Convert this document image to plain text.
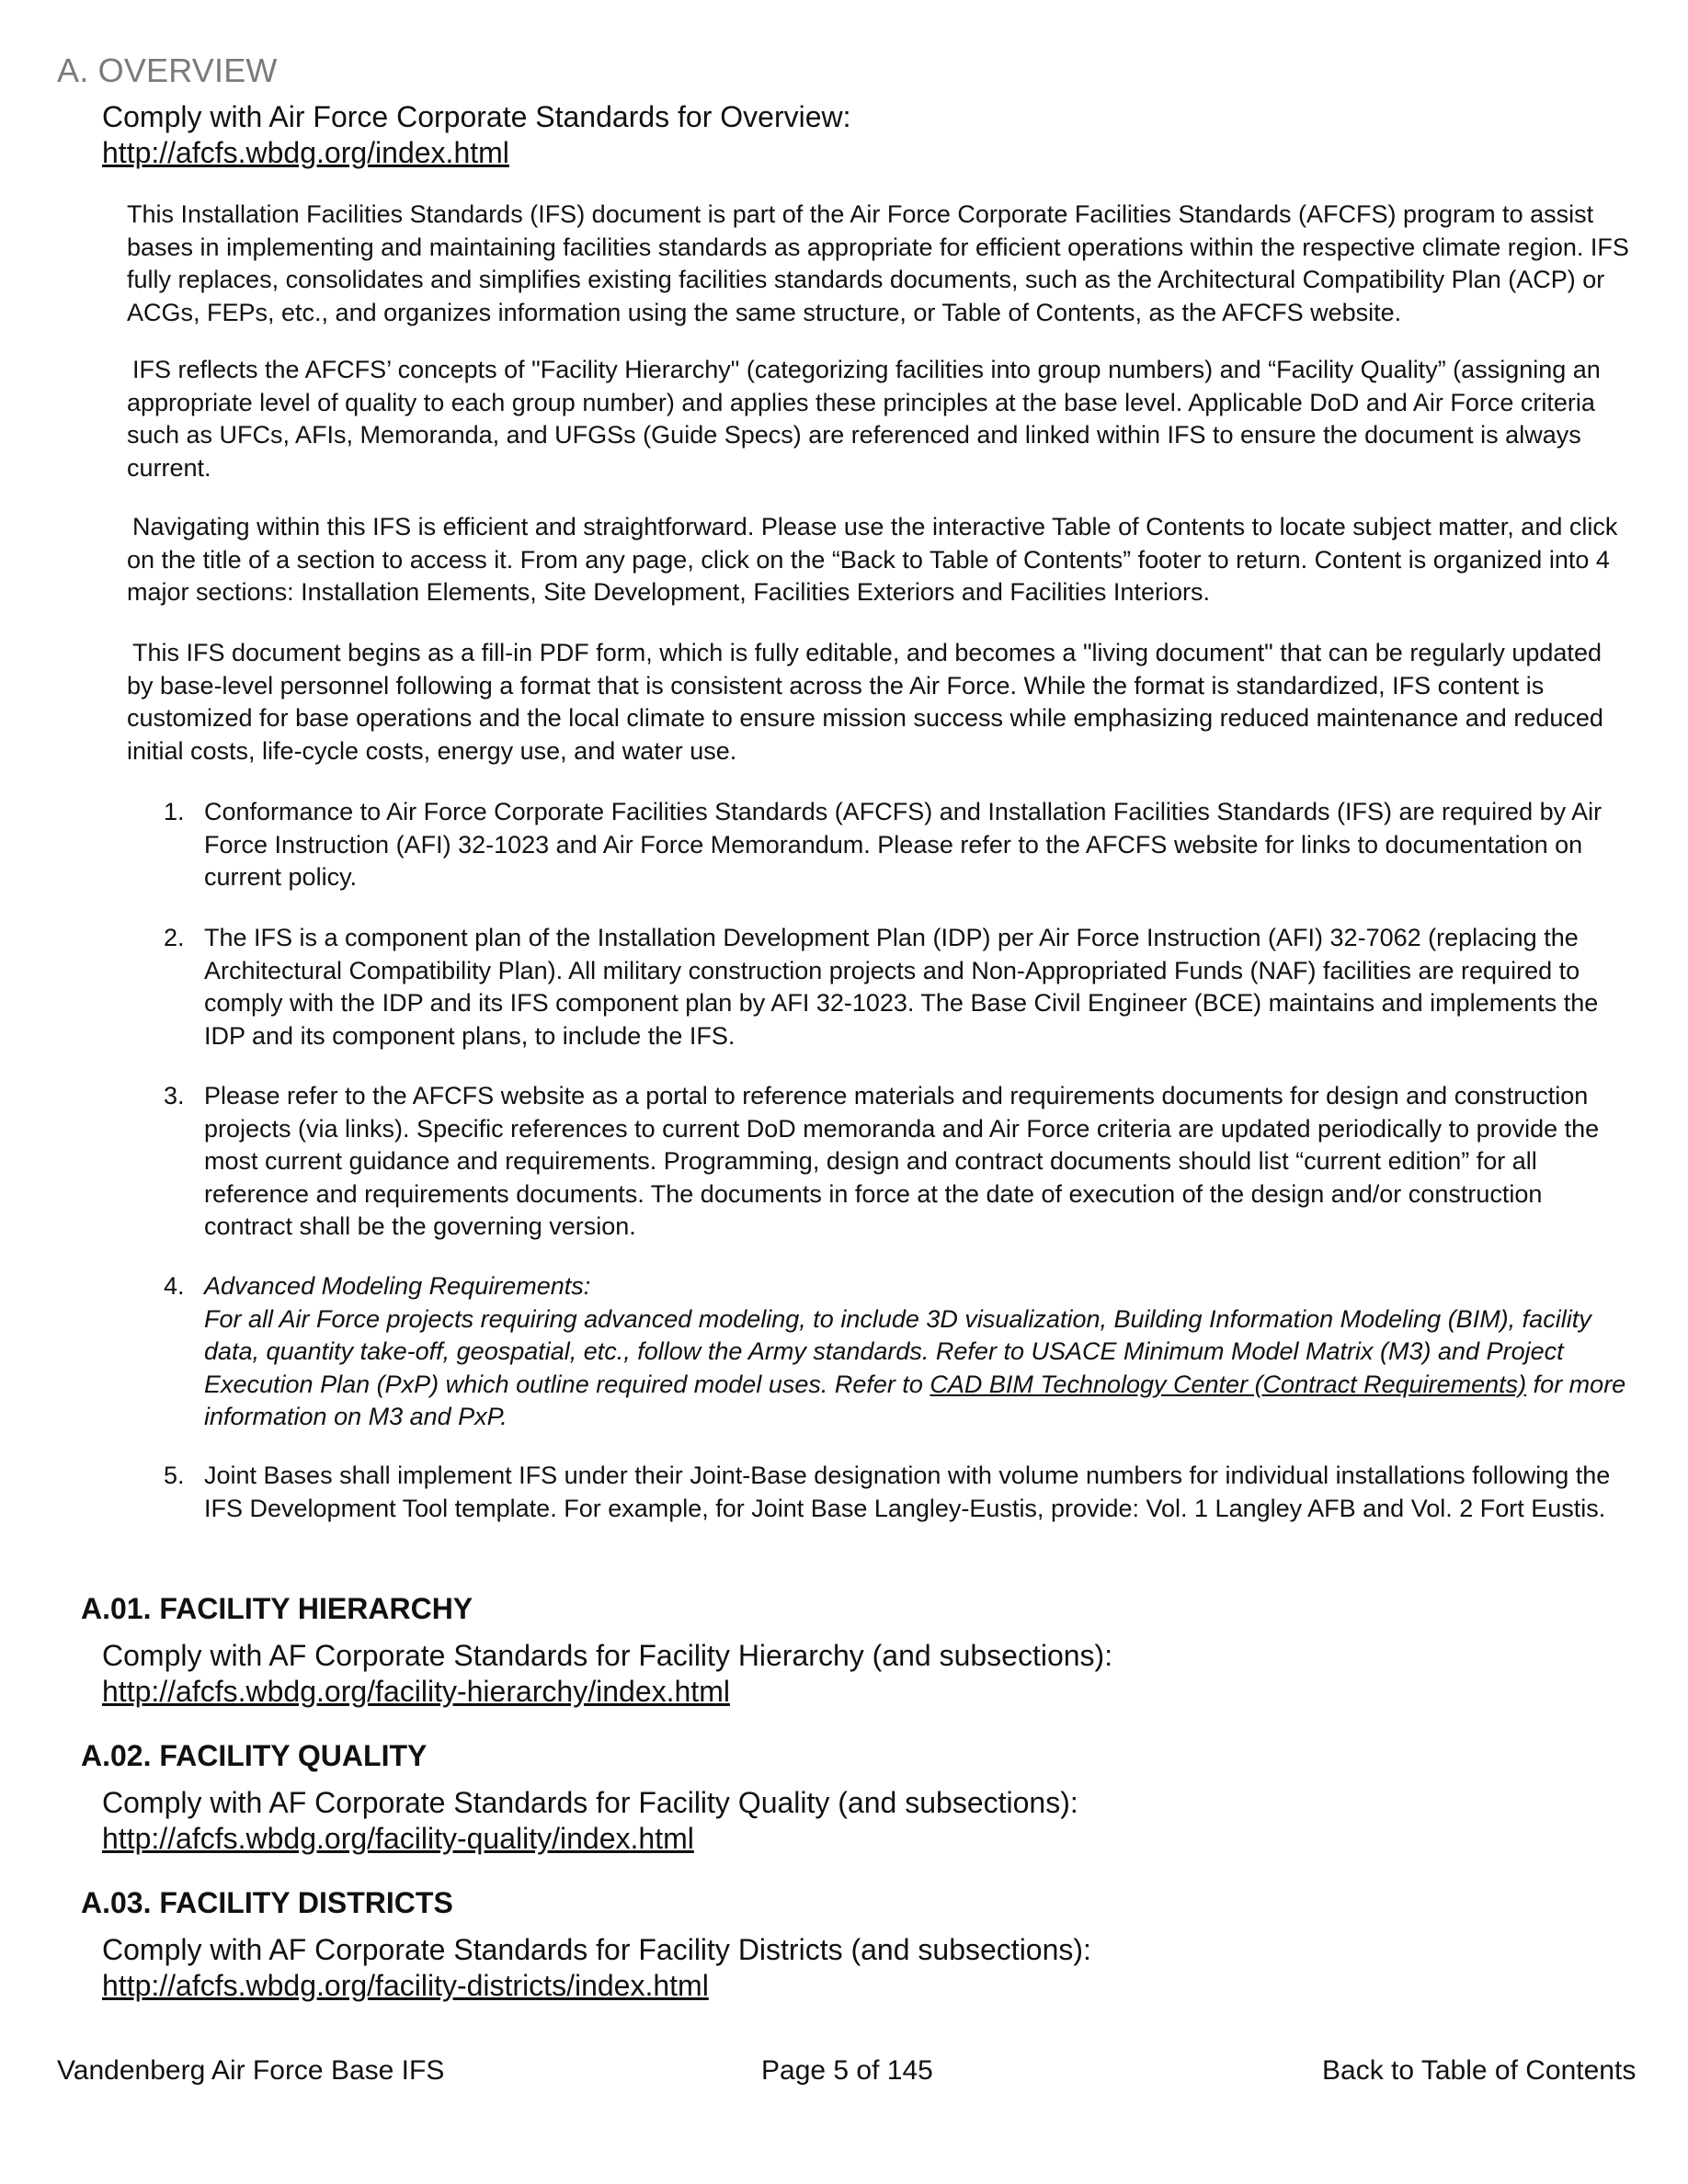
A. OVERVIEW
Comply with Air Force Corporate Standards for Overview:
http://afcfs.wbdg.org/index.html
This Installation Facilities Standards (IFS) document is part of the Air Force Corporate Facilities Standards (AFCFS) program to assist bases in implementing and maintaining facilities standards as appropriate for efficient operations within the respective climate region. IFS fully replaces, consolidates and simplifies existing facilities standards documents, such as the Architectural Compatibility Plan (ACP) or ACGs, FEPs, etc., and organizes information using the same structure, or Table of Contents, as the AFCFS website.
IFS reflects the AFCFS’ concepts of "Facility Hierarchy" (categorizing facilities into group numbers) and “Facility Quality” (assigning an appropriate level of quality to each group number) and applies these principles at the base level. Applicable DoD and Air Force criteria such as UFCs, AFIs, Memoranda, and UFGSs (Guide Specs) are referenced and linked within IFS to ensure the document is always current.
Navigating within this IFS is efficient and straightforward. Please use the interactive Table of Contents to locate subject matter, and click on the title of a section to access it. From any page, click on the “Back to Table of Contents” footer to return. Content is organized into 4 major sections: Installation Elements, Site Development, Facilities Exteriors and Facilities Interiors.
This IFS document begins as a fill-in PDF form, which is fully editable, and becomes a "living document" that can be regularly updated by base-level personnel following a format that is consistent across the Air Force. While the format is standardized, IFS content is customized for base operations and the local climate to ensure mission success while emphasizing reduced maintenance and reduced initial costs, life-cycle costs, energy use, and water use.
1. Conformance to Air Force Corporate Facilities Standards (AFCFS) and Installation Facilities Standards (IFS) are required by Air Force Instruction (AFI) 32-1023 and Air Force Memorandum. Please refer to the AFCFS website for links to documentation on current policy.
2. The IFS is a component plan of the Installation Development Plan (IDP) per Air Force Instruction (AFI) 32-7062 (replacing the Architectural Compatibility Plan). All military construction projects and Non-Appropriated Funds (NAF) facilities are required to comply with the IDP and its IFS component plan by AFI 32-1023. The Base Civil Engineer (BCE) maintains and implements the IDP and its component plans, to include the IFS.
3. Please refer to the AFCFS website as a portal to reference materials and requirements documents for design and construction projects (via links). Specific references to current DoD memoranda and Air Force criteria are updated periodically to provide the most current guidance and requirements. Programming, design and contract documents should list “current edition” for all reference and requirements documents. The documents in force at the date of execution of the design and/or construction contract shall be the governing version.
4. Advanced Modeling Requirements:
For all Air Force projects requiring advanced modeling, to include 3D visualization, Building Information Modeling (BIM), facility data, quantity take-off, geospatial, etc., follow the Army standards. Refer to USACE Minimum Model Matrix (M3) and Project Execution Plan (PxP) which outline required model uses. Refer to CAD BIM Technology Center (Contract Requirements) for more information on M3 and PxP.
5. Joint Bases shall implement IFS under their Joint-Base designation with volume numbers for individual installations following the IFS Development Tool template. For example, for Joint Base Langley-Eustis, provide: Vol. 1 Langley AFB and Vol. 2 Fort Eustis.
A.01. FACILITY HIERARCHY
Comply with AF Corporate Standards for Facility Hierarchy (and subsections):
http://afcfs.wbdg.org/facility-hierarchy/index.html
A.02. FACILITY QUALITY
Comply with AF Corporate Standards for Facility Quality (and subsections):
http://afcfs.wbdg.org/facility-quality/index.html
A.03. FACILITY DISTRICTS
Comply with AF Corporate Standards for Facility Districts (and subsections):
http://afcfs.wbdg.org/facility-districts/index.html
Vandenberg Air Force Base IFS	Page 5 of 145	Back to Table of Contents
